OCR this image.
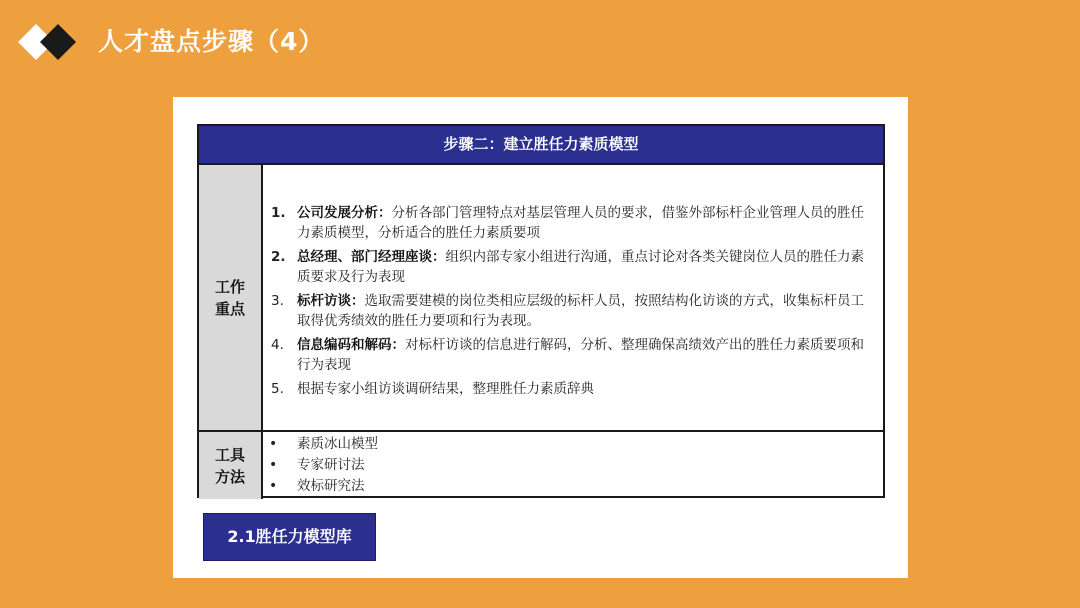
人才盘点步骤（4）
步骤二：建立胜任力素质模型
工作重点
1. 公司发展分析：分析各部门管理特点对基层管理人员的要求，借鉴外部标杆企业管理人员的胜任力素质模型，分析适合的胜任力素质要项
2. 总经理、部门经理座谈：组织内部专家小组进行沟通，重点讨论对各类关键岗位人员的胜任力素质要求及行为表现
3. 标杆访谈：选取需要建模的岗位类相应层级的标杆人员，按照结构化访谈的方式，收集标杆员工取得优秀绩效的胜任力要项和行为表现。
4. 信息编码和解码：对标杆访谈的信息进行解码，分析、整理确保高绩效产出的胜任力素质要项和行为表现
5. 根据专家小组访谈调研结果，整理胜任力素质辞典
工具方法
•	素质冰山模型
•	专家研讨法
•	效标研究法
2.1胜任力模型库
